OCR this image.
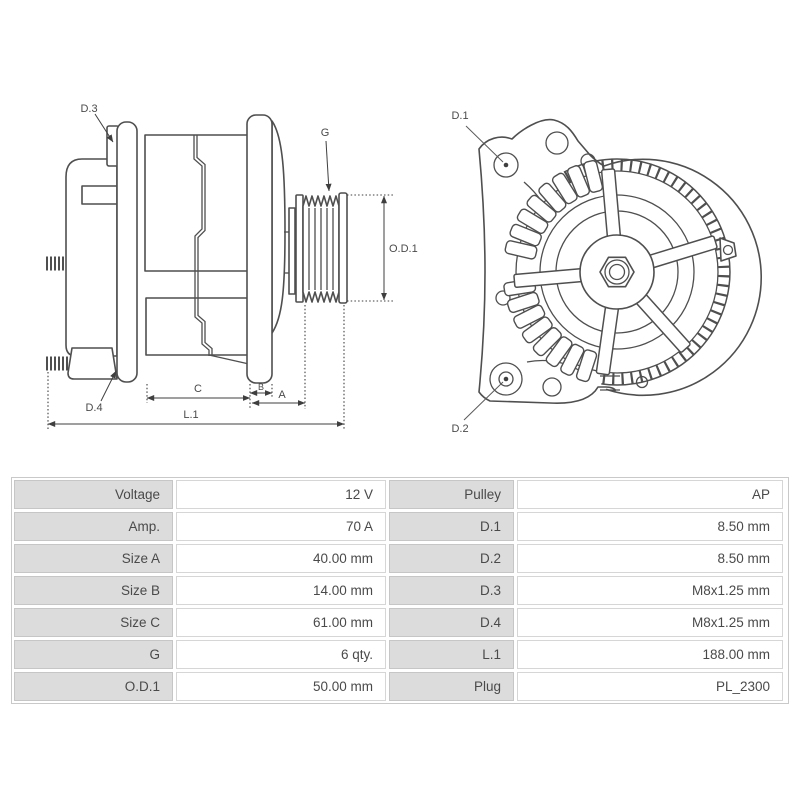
D.3
D.4
G
O.D.1
C	B
A
L.1
D.1
D.2
Voltage	12 V	Pulley	AP
Amp.	70 A	D.1	8.50 mm
Size A	40.00 mm	D.2	8.50 mm
Size B	14.00 mm	D.3	M8x1.25 mm
Size C	61.00 mm	D.4	M8x1.25 mm
G	6 qty.	L.1	188.00 mm
O.D.1	50.00 mm	Plug	PL_2300
